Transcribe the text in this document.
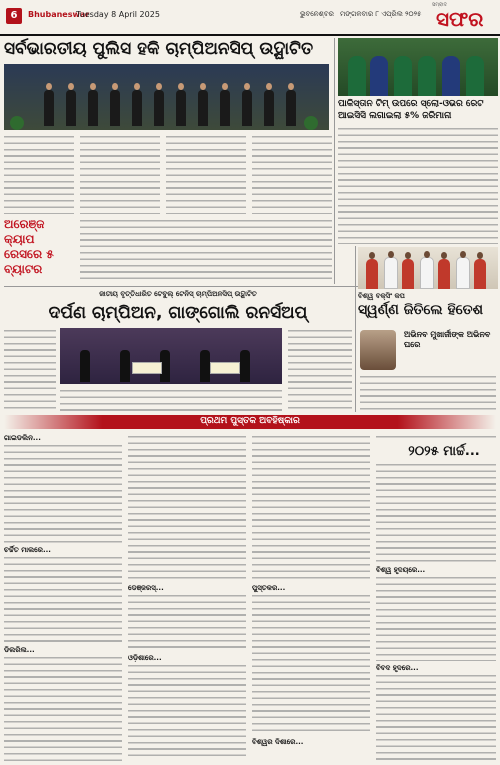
6	Bhubaneswar
Tuesday 8 April 2025	ଭୁବନେଶ୍ବର ମଙ୍ଗଳବାର ୮ ଏପ୍ରିଲ ୨୦୨୫
ସମ୍ବାଦ
ସଫର
ସର୍ବଭାରତୀୟ ପୁଲିସ ହକି ଚାମ୍ପିଅନସିପ୍ ଉଦ୍ଘାଟିତ
ଅରେଞ୍ଜ କ୍ୟାପ ରେସରେ ୫ ବ୍ୟାଟର
ପାକିସ୍ତାନ ଟିମ୍ ଉପରେ ସ୍ଲୋ-ଓଭର ରେଟ ଆଇସିସି ଲଗାଇଲା ୫% ଜରିମାନା
ଜାତୀୟ ବୃତ୍ତିଧାରିତ ଟେବୁଲ୍ ଟେନିସ୍ ଚାମ୍ପିଅନସିପ୍ ଉଦ୍ଘାଟିତ
ଦର୍ପଣ ଚାମ୍ପିଅନ, ଗାଙ୍ଗୋଲି ରନର୍ସଅପ୍
ବିଶ୍ୱ ବକ୍ସିଂ କପ
ସ୍ୱର୍ଣ୍ଣ ଜିତିଲେ ହିତେଶ
ଅଭିନବ ମୁଖାର୍ଜୀଙ୍କ ଅଭିନବ ଘରେ
ପ୍ରଥମ ପୁସ୍ତକ ଅବହିଷ୍କାର
ଗାଇଡଲିନ...
ଚର୍ଚ୍ଚିତ ମାଲରେ...
ଡିଲରିଲ...
ଡେଞ୍ଜରସ୍...
ଓଡ଼ିଶାରେ...
ପୁସ୍ତକର...
ବିଶ୍ୱର ଦିଶାରେ...
୨୦୨୫ ମାର୍ଚ୍ଚ...
ବିଶ୍ୱ ହୃଦୟରେ...
ବିବଦ ହୃଦରେ...
